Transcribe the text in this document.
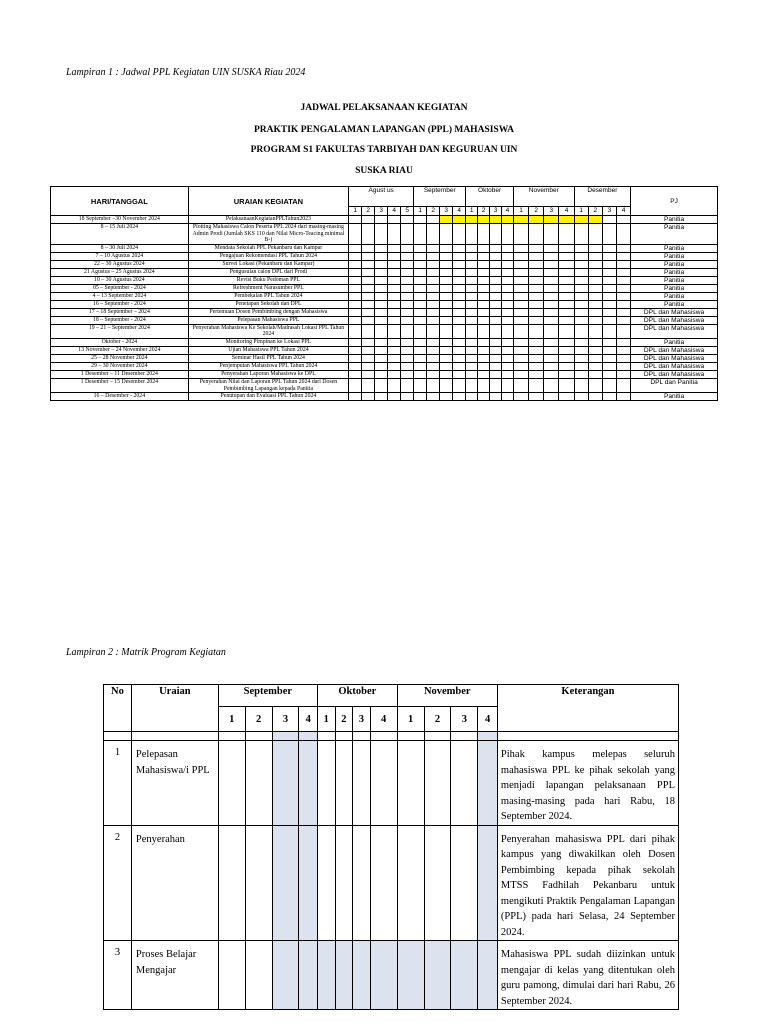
Lampiran 1 : Jadwal PPL Kegiatan UIN SUSKA Riau 2024
JADWAL PELAKSANAAN KEGIATAN
PRAKTIK PENGALAMAN LAPANGAN (PPL) MAHASISWA
PROGRAM S1 FAKULTAS TARBIYAH DAN KEGURUAN UIN
SUSKA RIAU
HARI/TANGGAL	URAIAN KEGIATAN	Agust us					September				Oktober				November				Desember				PJ
		1	2	3	4	5	1	2	3	4	1	2	3	4	1	2	3	4	1	2	3	4	
18 September –30 November 2024	PelaksanaanKegiatanPPLTahun2023																						Panitia
8 – 15 Juli 2024	Plotting Mahasiswa Calon Peserta PPL 2024 dari masing-masing Admin Prodi (Jumlah SKS 110 dan Nilai Micro-Teacing minimal B-)																						Panitia
8 – 30 Juli 2024	Mendata Sekolah PPL Pekanbaru dan Kampar																						Panitia
7 – 10 Agustus 2024	Pengajuan Rekomendasi PPL Tahun 2024																						Panitia
22 – 30 Agustus 2024	Survei Lokasi (Pekanbaru dan Kampar)																						Panitia
21 Agustus – 25 Agustus 2024	Pengusulan calon DPL dari Prodi																						Panitia
10 – 30 Agustus 2024	Revisi Buku Pedoman PPL																						Panitia
05 – September - 2024	Refreshment Narasumber PPL																						Panitia
4 – 13 September 2024	Pembekalan PPL Tahun 2024																						Panitia
16 – September - 2024	Penetapan Sekolah dan DPL																						Panitia
17 – 18 September – 2024	Pertemuan Dosen Pembimbing dengan Mahasiswa																						DPL dan Mahasiswa
18 – September - 2024	Pelepasan Mahasiswa PPL																						DPL dan Mahasiswa
19 – 21 – September 2024	Penyerahan Mahasiswa Ke Sekolah/Madrasah Lokasi PPL Tahun 2024																						DPL dan Mahasiswa
Oktober - 2024	Monitoring Pimpinan ke Lokasi PPL																						Panitia
13 November – 24 November 2024	Ujian Mahasiswa PPL Tahun 2024																						DPL dan Mahasiswa
25 – 28 November 2024	Seminar Hasil PPL Tahun 2024																						DPL dan Mahasiswa
29 – 30 November 2024	Penjemputan Mahasiswa PPL Tahun 2024																						DPL dan Mahasiswa
1 Desember – 11 Desember 2024	Penyerahan Laporan Mahasiswa ke DPL																						DPL dan Mahasiswa
1 Desember – 15 Desember 2024	Penyerahan Nilai dan Laporan PPL Tahun 2024 dari Dosen Pembimbing Lapangan kepada Panitia																						DPL dan Panitia
16 – Desember - 2024	Penutupan dan Evaluasi PPL Tahun 2024																						Panitia
Lampiran 2 : Matrik Program Kegiatan
No	Uraian	September				Oktober				November				Keterangan
		1	2	3	4	1	2	3	4	1	2	3	4	

1	Pelepasan Mahasiswa/i PPL													Pihak kampus melepas seluruh mahasiswa PPL ke pihak sekolah yang menjadi lapangan pelaksanaan PPL masing-masing pada hari Rabu, 18 September 2024.
2	Penyerahan													Penyerahan mahasiswa PPL dari pihak kampus yang diwakilkan oleh Dosen Pembimbing kepada pihak sekolah MTSS Fadhilah Pekanbaru untuk mengikuti Praktik Pengalaman Lapangan (PPL) pada hari Selasa, 24 September 2024.
3	Proses Belajar Mengajar													Mahasiswa PPL sudah diizinkan untuk mengajar di kelas yang ditentukan oleh guru pamong, dimulai dari hari Rabu, 26 September 2024.
